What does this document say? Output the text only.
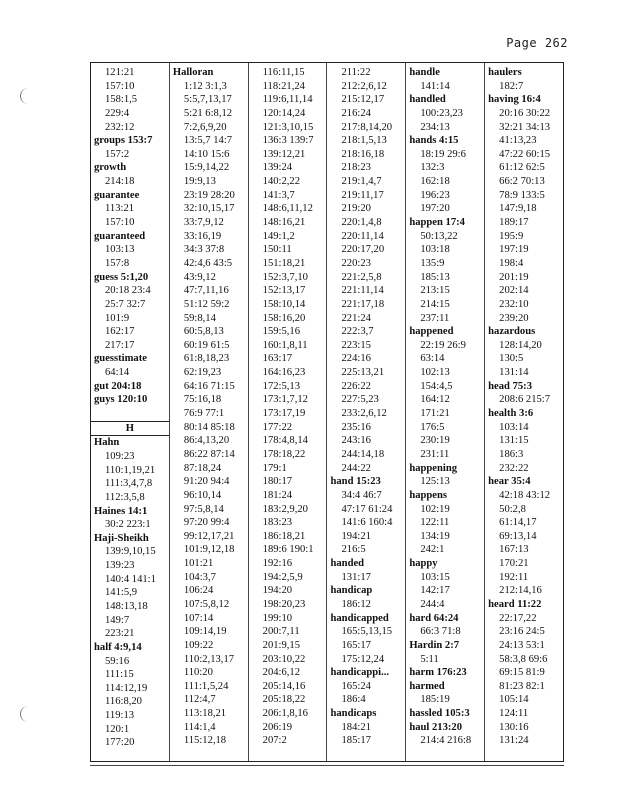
Page 262
121:21
157:10
158:1,5
229:4
232:12
groups 153:7
157:2
growth
214:18
guarantee
113:21
157:10
guaranteed
103:13
157:8
guess 5:1,20
20:18 23:4
25:7 32:7
101:9
162:17
217:17
guesstimate
64:14
gut 204:18
guys 120:10
H
Hahn
109:23
110:1,19,21
111:3,4,7,8
112:3,5,8
Haines 14:1
30:2 223:1
Haji-Sheikh
139:9,10,15
139:23
140:4 141:1
141:5,9
148:13,18
149:7
223:21
half 4:9,14
59:16
111:15
114:12,19
116:8,20
119:13
120:1
177:20
Halloran
1:12 3:1,3
5:5,7,13,17
5:21 6:8,12
7:2,6,9,20
13:5,7 14:7
14:10 15:6
15:9,14,22
19:9,13
23:19 28:20
32:10,15,17
33:7,9,12
33:16,19
34:3 37:8
42:4,6 43:5
43:9,12
47:7,11,16
51:12 59:2
59:8,14
60:5,8,13
60:19 61:5
61:8,18,23
62:19,23
64:16 71:15
75:16,18
76:9 77:1
80:14 85:18
86:4,13,20
86:22 87:14
87:18,24
91:20 94:4
96:10,14
97:5,8,14
97:20 99:4
99:12,17,21
101:9,12,18
101:21
104:3,7
106:24
107:5,8,12
107:14
109:14,19
109:22
110:2,13,17
110:20
111:1,5,24
112:4,7
113:18,21
114:1,4
115:12,18
116:11,15
118:21,24
119:6,11,14
120:14,24
121:3,10,15
136:3 139:7
139:12,21
139:24
140:2,22
141:3,7
148:6,11,12
148:16,21
149:1,2
150:11
151:18,21
152:3,7,10
152:13,17
158:10,14
158:16,20
159:5,16
160:1,8,11
163:17
164:16,23
172:5,13
173:1,7,12
173:17,19
177:22
178:4,8,14
178:18,22
179:1
180:17
181:24
183:2,9,20
183:23
186:18,21
189:6 190:1
192:16
194:2,5,9
194:20
198:20,23
199:10
200:7,11
201:9,15
203:10,22
204:6,12
205:14,16
205:18,22
206:1,8,16
206:19
207:2
211:22
212:2,6,12
215:12,17
216:24
217:8,14,20
218:1,5,13
218:16,18
218:23
219:1,4,7
219:11,17
219:20
220:1,4,8
220:11,14
220:17,20
220:23
221:2,5,8
221:11,14
221:17,18
221:24
222:3,7
223:15
224:16
225:13,21
226:22
227:5,23
233:2,6,12
235:16
243:16
244:14,18
244:22
hand 15:23
34:4 46:7
47:17 61:24
141:6 160:4
194:21
216:5
handed
131:17
handicap
186:12
handicapped
165:5,13,15
165:17
175:12,24
handicappi...
165:24
186:4
handicaps
184:21
185:17
handle
141:14
handled
100:23,23
234:13
hands 4:15
18:19 29:6
132:3
162:18
196:23
197:20
happen 17:4
50:13,22
103:18
135:9
185:13
213:15
214:15
237:11
happened
22:19 26:9
63:14
102:13
154:4,5
164:12
171:21
176:5
230:19
231:11
happening
125:13
happens
102:19
122:11
134:19
242:1
happy
103:15
142:17
244:4
hard 64:24
66:3 71:8
Hardin 2:7
5:11
harm 176:23
harmed
185:19
hassled 105:3
haul 213:20
214:4 216:8
haulers
182:7
having 16:4
20:16 30:22
32:21 34:13
41:13,23
47:22 60:15
61:12 62:5
66:2 70:13
78:9 133:5
147:9,18
189:17
195:9
197:19
198:4
201:19
202:14
232:10
239:20
hazardous
128:14,20
130:5
131:14
head 75:3
208:6 215:7
health 3:6
103:14
131:15
186:3
232:22
hear 35:4
42:18 43:12
50:2,8
61:14,17
69:13,14
167:13
170:21
192:11
212:14,16
heard 11:22
22:17,22
23:16 24:5
24:13 53:1
58:3,8 69:6
69:15 81:9
81:23 82:1
105:14
124:11
130:16
131:24
